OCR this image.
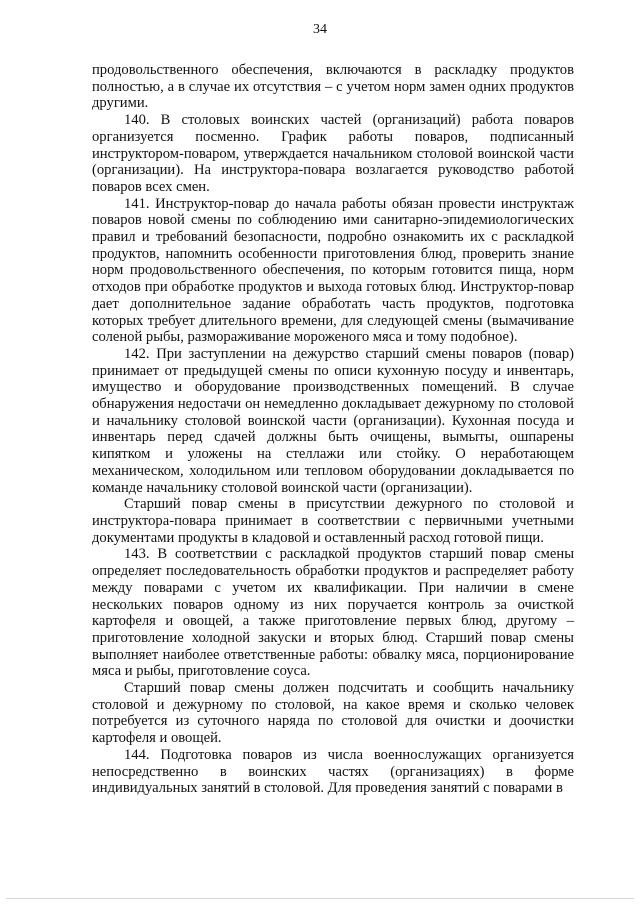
34

продовольственного обеспечения, включаются в раскладку продуктов полностью, а в случае их отсутствия – с учетом норм замен одних продуктов другими.

140. В столовых воинских частей (организаций) работа поваров организуется посменно. График работы поваров, подписанный инструктором-поваром, утверждается начальником столовой воинской части (организации). На инструктора-повара возлагается руководство работой поваров всех смен.

141. Инструктор-повар до начала работы обязан провести инструктаж поваров новой смены по соблюдению ими санитарно-эпидемиологических правил и требований безопасности, подробно ознакомить их с раскладкой продуктов, напомнить особенности приготовления блюд, проверить знание норм продовольственного обеспечения, по которым готовится пища, норм отходов при обработке продуктов и выхода готовых блюд. Инструктор-повар дает дополнительное задание обработать часть продуктов, подготовка которых требует длительного времени, для следующей смены (вымачивание соленой рыбы, размораживание мороженого мяса и тому подобное).

142. При заступлении на дежурство старший смены поваров (повар) принимает от предыдущей смены по описи кухонную посуду и инвентарь, имущество и оборудование производственных помещений. В случае обнаружения недостачи он немедленно докладывает дежурному по столовой и начальнику столовой воинской части (организации). Кухонная посуда и инвентарь перед сдачей должны быть очищены, вымыты, ошпарены кипятком и уложены на стеллажи или стойку. О неработающем механическом, холодильном или тепловом оборудовании докладывается по команде начальнику столовой воинской части (организации).

Старший повар смены в присутствии дежурного по столовой и инструктора-повара принимает в соответствии с первичными учетными документами продукты в кладовой и оставленный расход готовой пищи.

143. В соответствии с раскладкой продуктов старший повар смены определяет последовательность обработки продуктов и распределяет работу между поварами с учетом их квалификации. При наличии в смене нескольких поваров одному из них поручается контроль за очисткой картофеля и овощей, а также приготовление первых блюд, другому – приготовление холодной закуски и вторых блюд. Старший повар смены выполняет наиболее ответственные работы: обвалку мяса, порционирование мяса и рыбы, приготовление соуса.

Старший повар смены должен подсчитать и сообщить начальнику столовой и дежурному по столовой, на какое время и сколько человек потребуется из суточного наряда по столовой для очистки и доочистки картофеля и овощей.

144. Подготовка поваров из числа военнослужащих организуется непосредственно в воинских частях (организациях) в форме индивидуальных занятий в столовой. Для проведения занятий с поварами в
